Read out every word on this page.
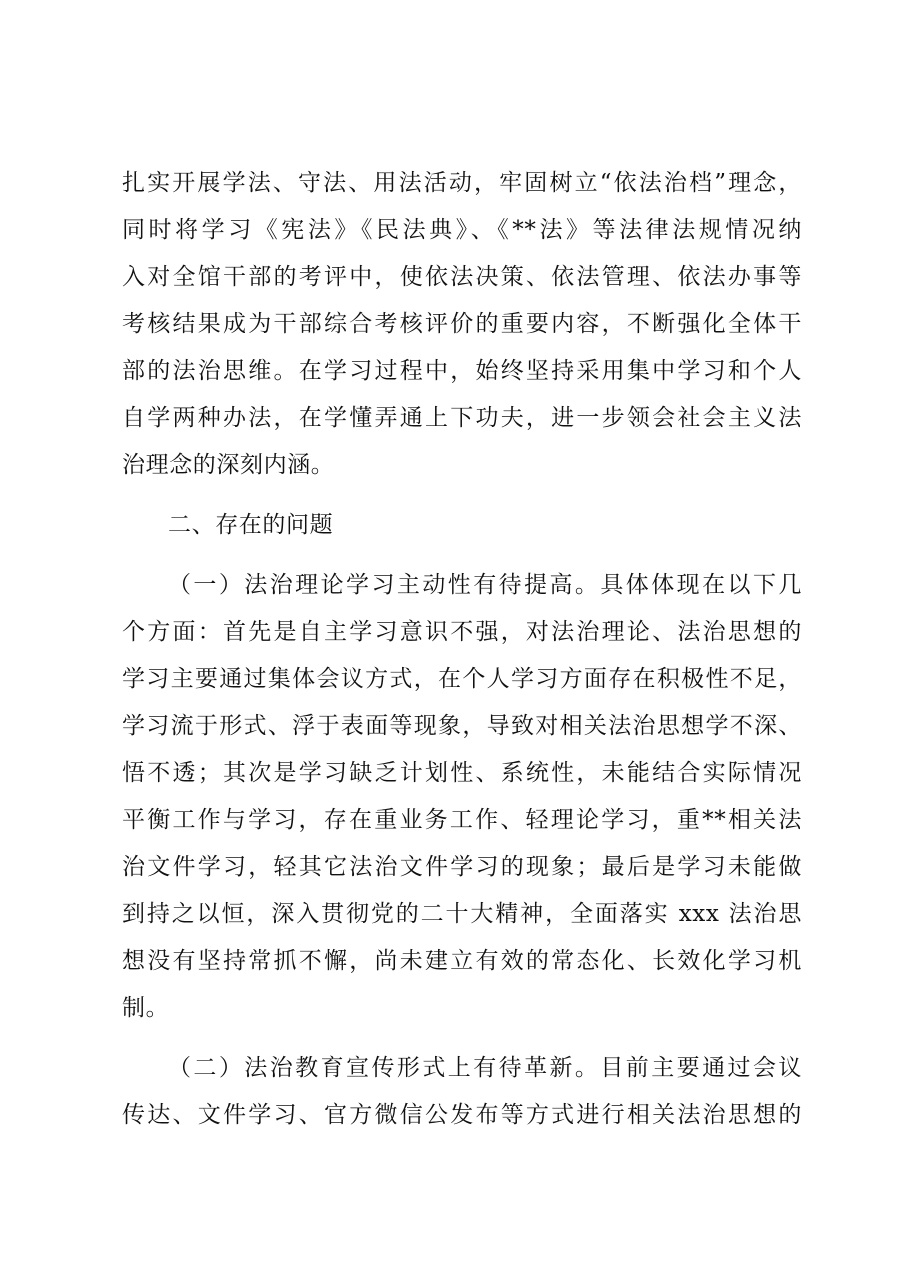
扎实开展学法、守法、用法活动，牢固树立“依法治档”理念，
同时将学习《宪法》《民法典》、《**法》等法律法规情况纳
入对全馆干部的考评中，使依法决策、依法管理、依法办事等
考核结果成为干部综合考核评价的重要内容，不断强化全体干
部的法治思维。在学习过程中，始终坚持采用集中学习和个人
自学两种办法，在学懂弄通上下功夫，进一步领会社会主义法
治理念的深刻内涵。
二、存在的问题
（一）法治理论学习主动性有待提高。具体体现在以下几
个方面：首先是自主学习意识不强，对法治理论、法治思想的
学习主要通过集体会议方式，在个人学习方面存在积极性不足，
学习流于形式、浮于表面等现象，导致对相关法治思想学不深、
悟不透；其次是学习缺乏计划性、系统性，未能结合实际情况
平衡工作与学习，存在重业务工作、轻理论学习，重**相关法
治文件学习，轻其它法治文件学习的现象；最后是学习未能做
到持之以恒，深入贯彻党的二十大精神，全面落实 xxx 法治思
想没有坚持常抓不懈，尚未建立有效的常态化、长效化学习机
制。
（二）法治教育宣传形式上有待革新。目前主要通过会议
传达、文件学习、官方微信公发布等方式进行相关法治思想的
